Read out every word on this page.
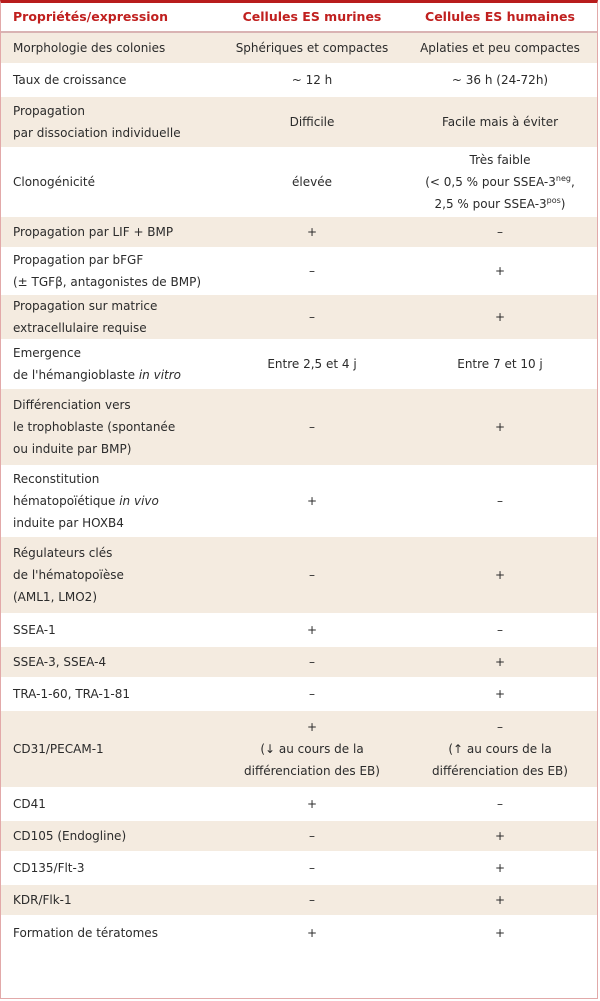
Propriétés/expression	Cellules ES murines	Cellules ES humaines

Morphologie des colonies	Sphériques et compactes	Aplaties et peu compactes

Taux de croissance	~ 12 h	~ 36 h (24-72h)

Propagation
par dissociation individuelle	Difficile	Facile mais à éviter

Clonogénicité	élevée	Très faible
(< 0,5 % pour SSEA-$3^{neg}$,
2,5 % pour SSEA-$3^{pos}$)

Propagation par LIF + BMP	+	–

Propagation par bFGF
(± TGFβ, antagonistes de BMP)	–	+

Propagation sur matrice
extracellulaire requise	–	+

Emergence
de l'hémangioblaste in vitro	Entre 2,5 et 4 j	Entre 7 et 10 j

Différenciation vers
le trophoblaste (spontanée
ou induite par BMP)	–	+

Reconstitution
hématopoïétique in vivo
induite par HOXB4	+	–

Régulateurs clés
de l'hématopoïèse
(AML1, LMO2)	–	+

SSEA-1	+	–

SSEA-3, SSEA-4	–	+

TRA-1-60, TRA-1-81	–	+

CD31/PECAM-1	+
(↓ au cours de la
différenciation des EB)	–
(↑ au cours de la
différenciation des EB)

CD41	+	–

CD105 (Endogline)	–	+

CD135/Flt-3	–	+

KDR/Flk-1	–	+

Formation de tératomes	+	+
